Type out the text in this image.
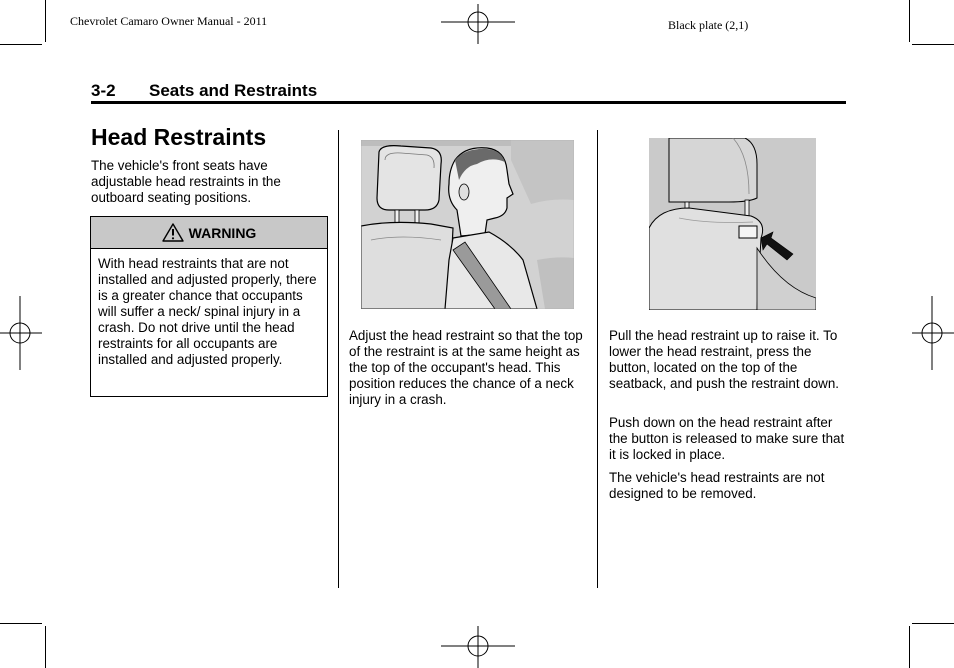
Chevrolet Camaro Owner Manual - 2011	Black plate (2,1)
3-2 Seats and Restraints
Head Restraints
The vehicle's front seats have adjustable head restraints in the outboard seating positions.
WARNING
With head restraints that are not installed and adjusted properly, there is a greater chance that occupants will suffer a neck/ spinal injury in a crash. Do not drive until the head restraints for all occupants are installed and adjusted properly.
Adjust the head restraint so that the top of the restraint is at the same height as the top of the occupant's head. This position reduces the chance of a neck injury in a crash.
Pull the head restraint up to raise it. To lower the head restraint, press the button, located on the top of the seatback, and push the restraint down.
Push down on the head restraint after the button is released to make sure that it is locked in place.
The vehicle's head restraints are not designed to be removed.
